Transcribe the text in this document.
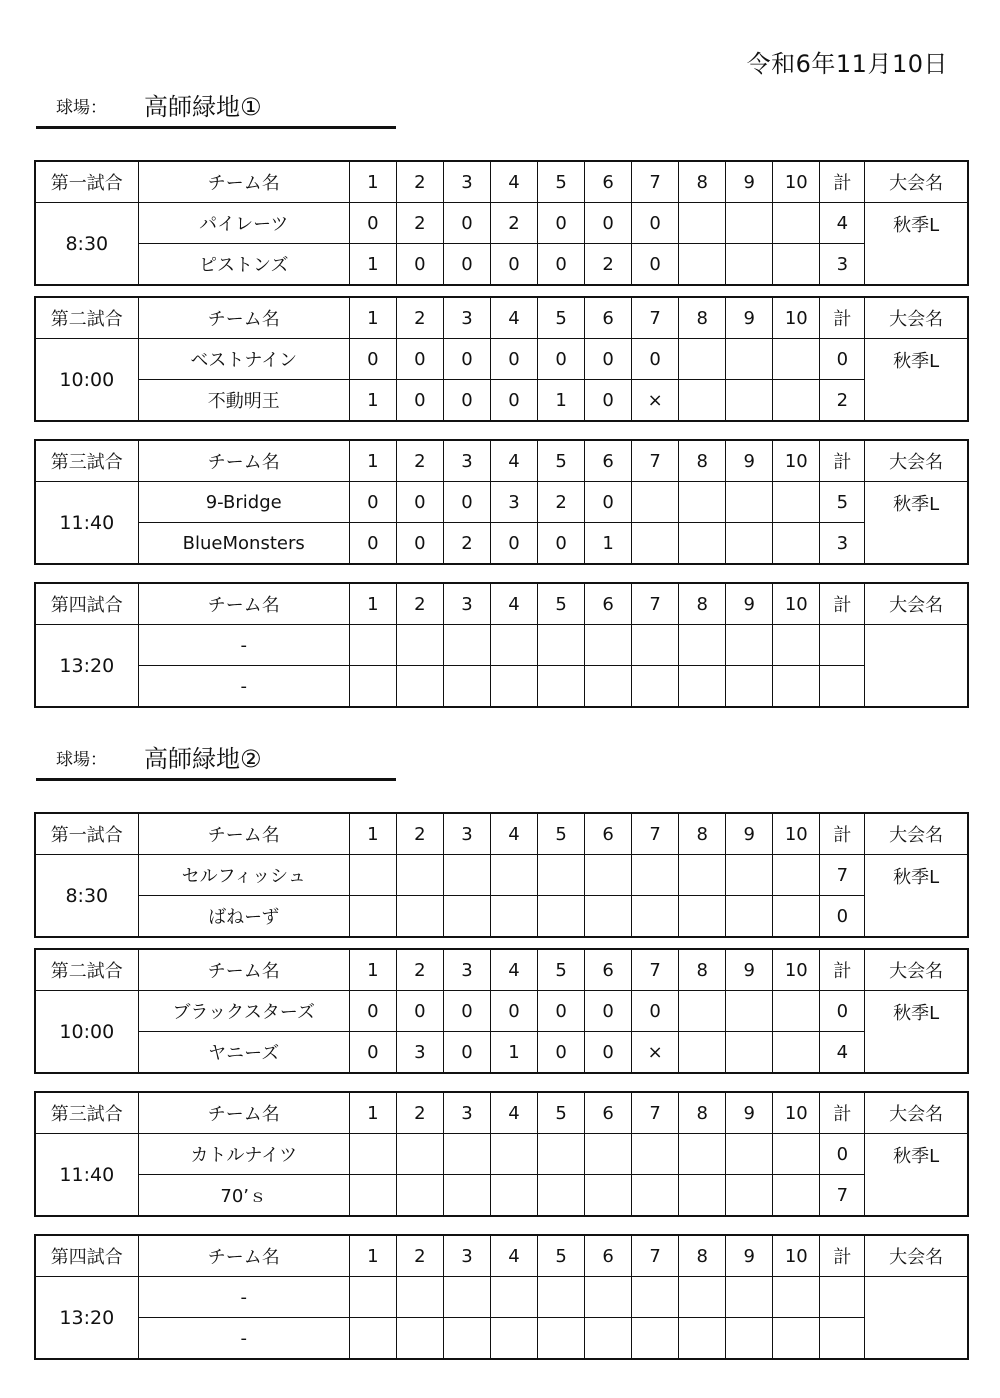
令和6年11月10日
球場： 高師緑地①
第一試合	チーム名	1	2	3	4	5	6	7	8	9	10	計	大会名
8:30	パイレーツ	0	2	0	2	0	0	0				4	秋季L
	ピストンズ	1	0	0	0	0	2	0				3	
第二試合	チーム名	1	2	3	4	5	6	7	8	9	10	計	大会名
10:00	ベストナイン	0	0	0	0	0	0	0				0	秋季L
	不動明王	1	0	0	0	1	0	×				2	
第三試合	チーム名	1	2	3	4	5	6	7	8	9	10	計	大会名
11:40	9-Bridge	0	0	0	3	2	0					5	秋季L
	BlueMonsters	0	0	2	0	0	1					3	
第四試合	チーム名	1	2	3	4	5	6	7	8	9	10	計	大会名
13:20	-												
	-												
球場： 高師緑地②
第一試合	チーム名	1	2	3	4	5	6	7	8	9	10	計	大会名
8:30	セルフィッシュ											7	秋季L
	ばねーず											0	
第二試合	チーム名	1	2	3	4	5	6	7	8	9	10	計	大会名
10:00	ブラックスターズ	0	0	0	0	0	0	0				0	秋季L
	ヤニーズ	0	3	0	1	0	0	×				4	
第三試合	チーム名	1	2	3	4	5	6	7	8	9	10	計	大会名
11:40	カトルナイツ											0	秋季L
	70’ｓ											7	
第四試合	チーム名	1	2	3	4	5	6	7	8	9	10	計	大会名
13:20	-												
	-												
